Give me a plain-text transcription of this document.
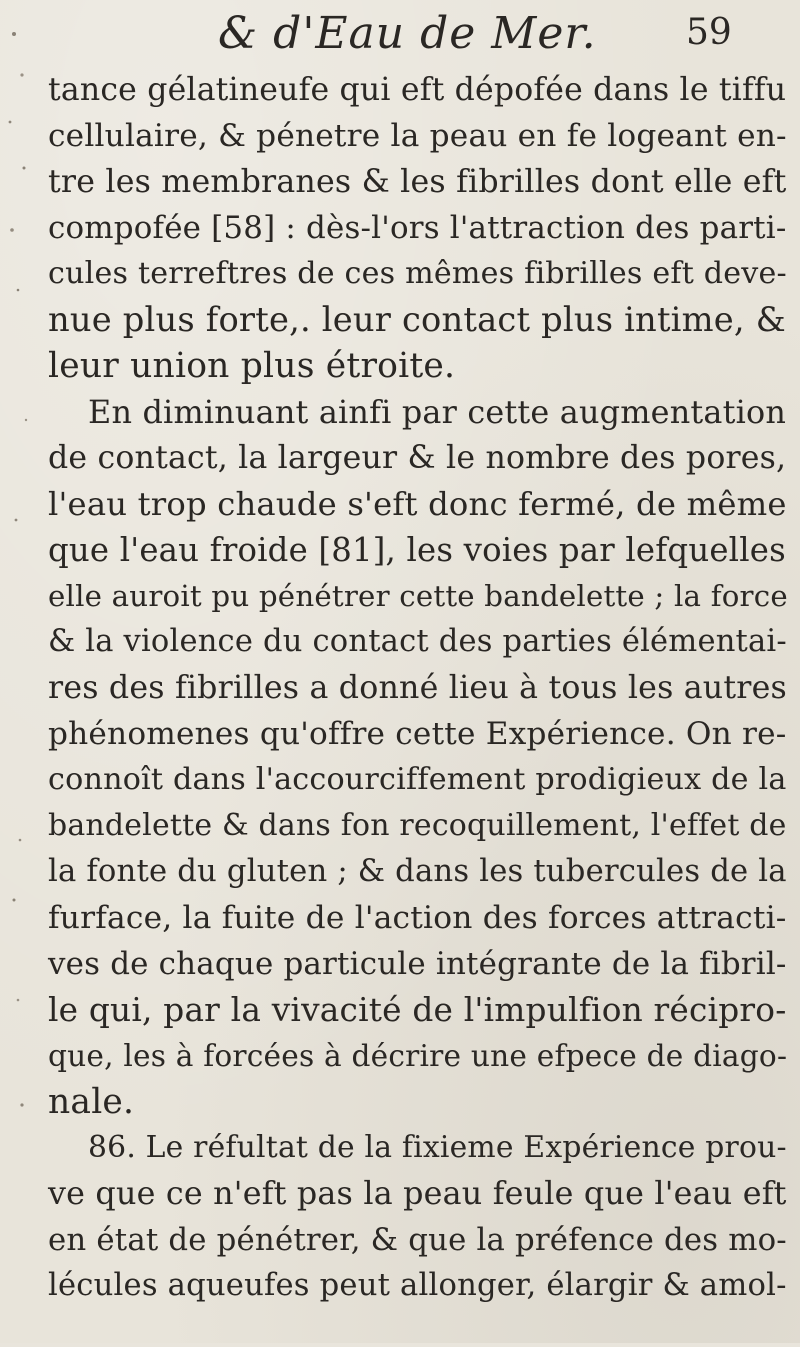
& d'Eau de Mer. 59
tance gélatineufe qui eft dépofée dans le tiffu
cellulaire, & pénetre la peau en fe logeant en-
tre les membranes & les fibrilles dont elle eft
compofée [58] : dès-l'ors l'attraction des parti-
cules terreftres de ces mêmes fibrilles eft deve-
nue plus forte,. leur contact plus intime, &
leur union plus étroite.
En diminuant ainfi par cette augmentation
de contact, la largeur & le nombre des pores,
l'eau trop chaude s'eft donc fermé, de même
que l'eau froide [81], les voies par lefquelles
elle auroit pu pénétrer cette bandelette ; la force
& la violence du contact des parties élémentai-
res des fibrilles a donné lieu à tous les autres
phénomenes qu'offre cette Expérience. On re-
connoît dans l'accourciffement prodigieux de la
bandelette & dans fon recoquillement, l'effet de
la fonte du gluten ; & dans les tubercules de la
furface, la fuite de l'action des forces attracti-
ves de chaque particule intégrante de la fibril-
le qui, par la vivacité de l'impulfion récipro-
que, les à forcées à décrire une efpece de diago-
nale.
86. Le réfultat de la fixieme Expérience prou-
ve que ce n'eft pas la peau feule que l'eau eft
en état de pénétrer, & que la préfence des mo-
lécules aqueufes peut allonger, élargir & amol-
